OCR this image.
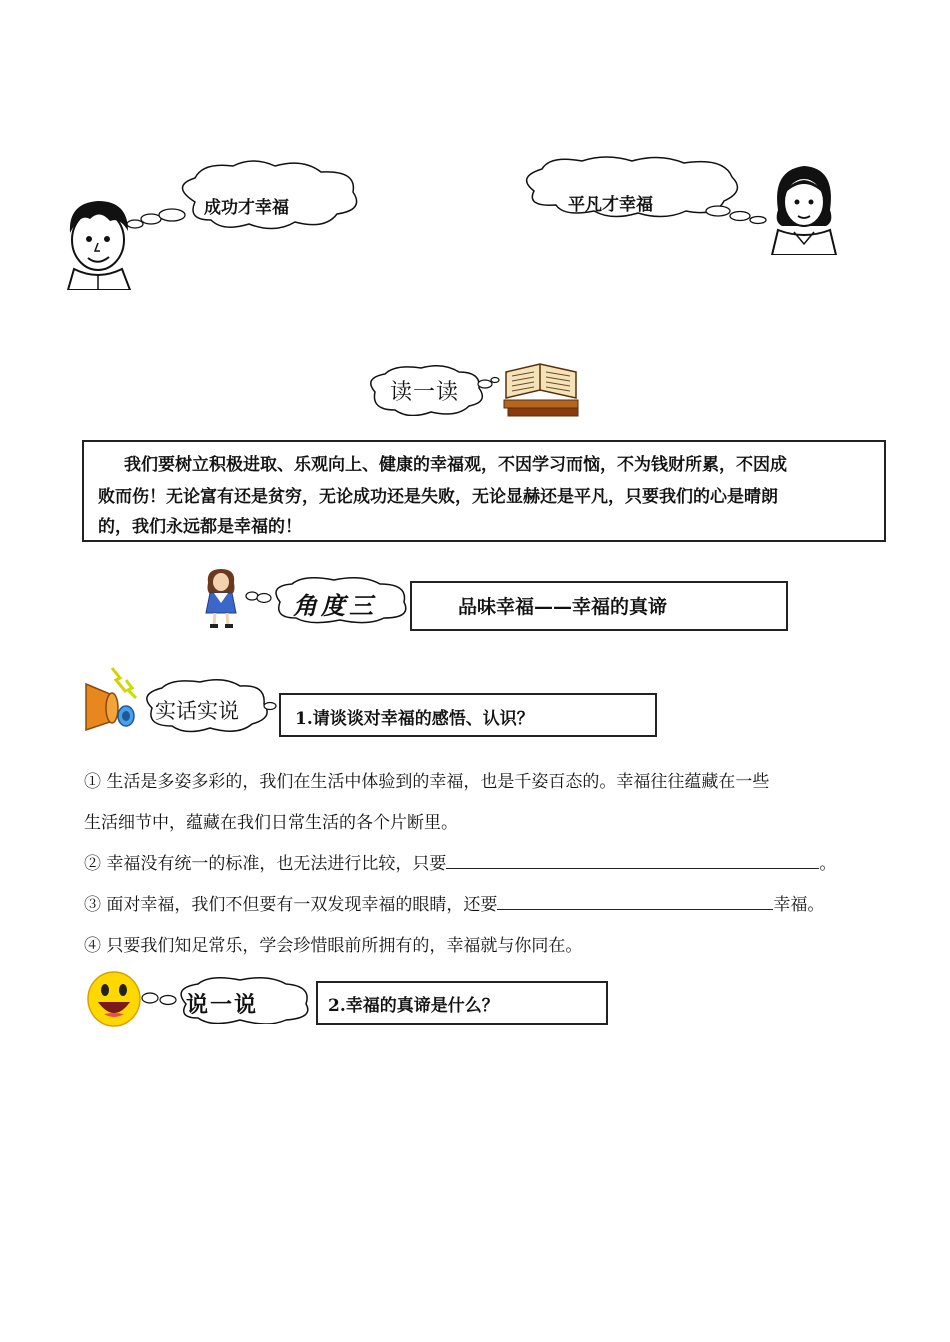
成功才幸福	平凡才幸福
读一读
我们要树立积极进取、乐观向上、健康的幸福观，不因学习而恼，不为钱财所累，不因成
败而伤！无论富有还是贫穷，无论成功还是失败，无论显赫还是平凡，只要我们的心是晴朗
的，我们永远都是幸福的！
角度三	品味幸福——幸福的真谛
实话实说	1.请谈谈对幸福的感悟、认识？
① 生活是多姿多彩的，我们在生活中体验到的幸福，也是千姿百态的。幸福往往蕴藏在一些
生活细节中，蕴藏在我们日常生活的各个片断里。
② 幸福没有统一的标准，也无法进行比较，只要	。
③ 面对幸福，我们不但要有一双发现幸福的眼睛，还要	幸福。
④ 只要我们知足常乐，学会珍惜眼前所拥有的，幸福就与你同在。
说一说	2.幸福的真谛是什么？
